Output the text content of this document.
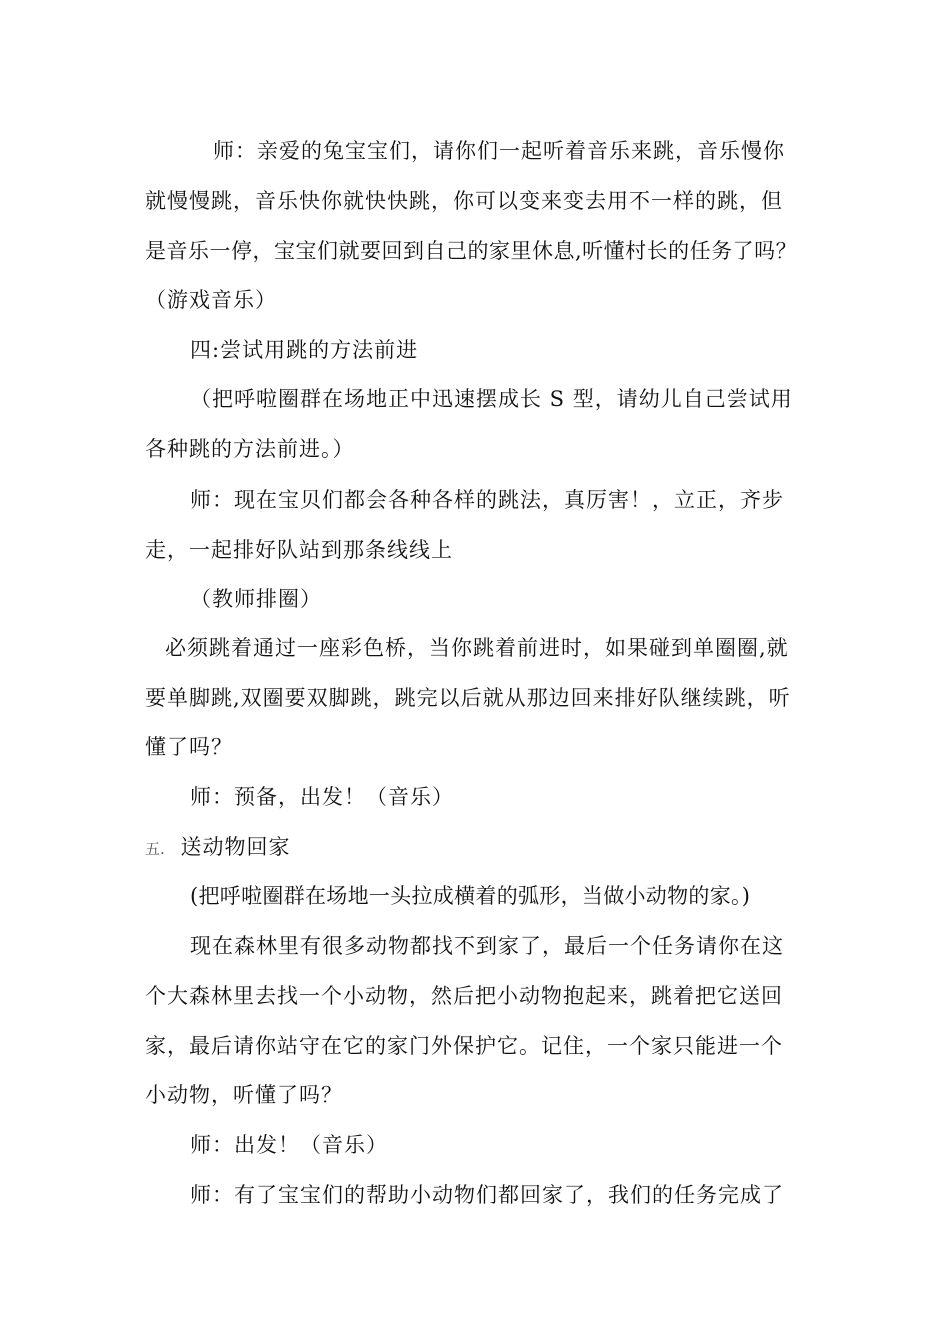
师：亲爱的兔宝宝们，请你们一起听着音乐来跳，音乐慢你
就慢慢跳，音乐快你就快快跳，你可以变来变去用不一样的跳，但
是音乐一停，宝宝们就要回到自己的家里休息,听懂村长的任务了吗？
（游戏音乐）
四:尝试用跳的方法前进
（把呼啦圈群在场地正中迅速摆成长 S 型，请幼儿自己尝试用
各种跳的方法前进。）
师：现在宝贝们都会各种各样的跳法，真厉害！，立正，齐步
走，一起排好队站到那条线线上
（教师排圈）
必须跳着通过一座彩色桥，当你跳着前进时，如果碰到单圈圈,就
要单脚跳,双圈要双脚跳，跳完以后就从那边回来排好队继续跳，听
懂了吗？
师：预备，出发！（音乐）
五. 送动物回家
(把呼啦圈群在场地一头拉成横着的弧形，当做小动物的家。)
现在森林里有很多动物都找不到家了，最后一个任务请你在这
个大森林里去找一个小动物，然后把小动物抱起来，跳着把它送回
家，最后请你站守在它的家门外保护它。记住，一个家只能进一个
小动物，听懂了吗？
师：出发！（音乐）
师：有了宝宝们的帮助小动物们都回家了，我们的任务完成了
